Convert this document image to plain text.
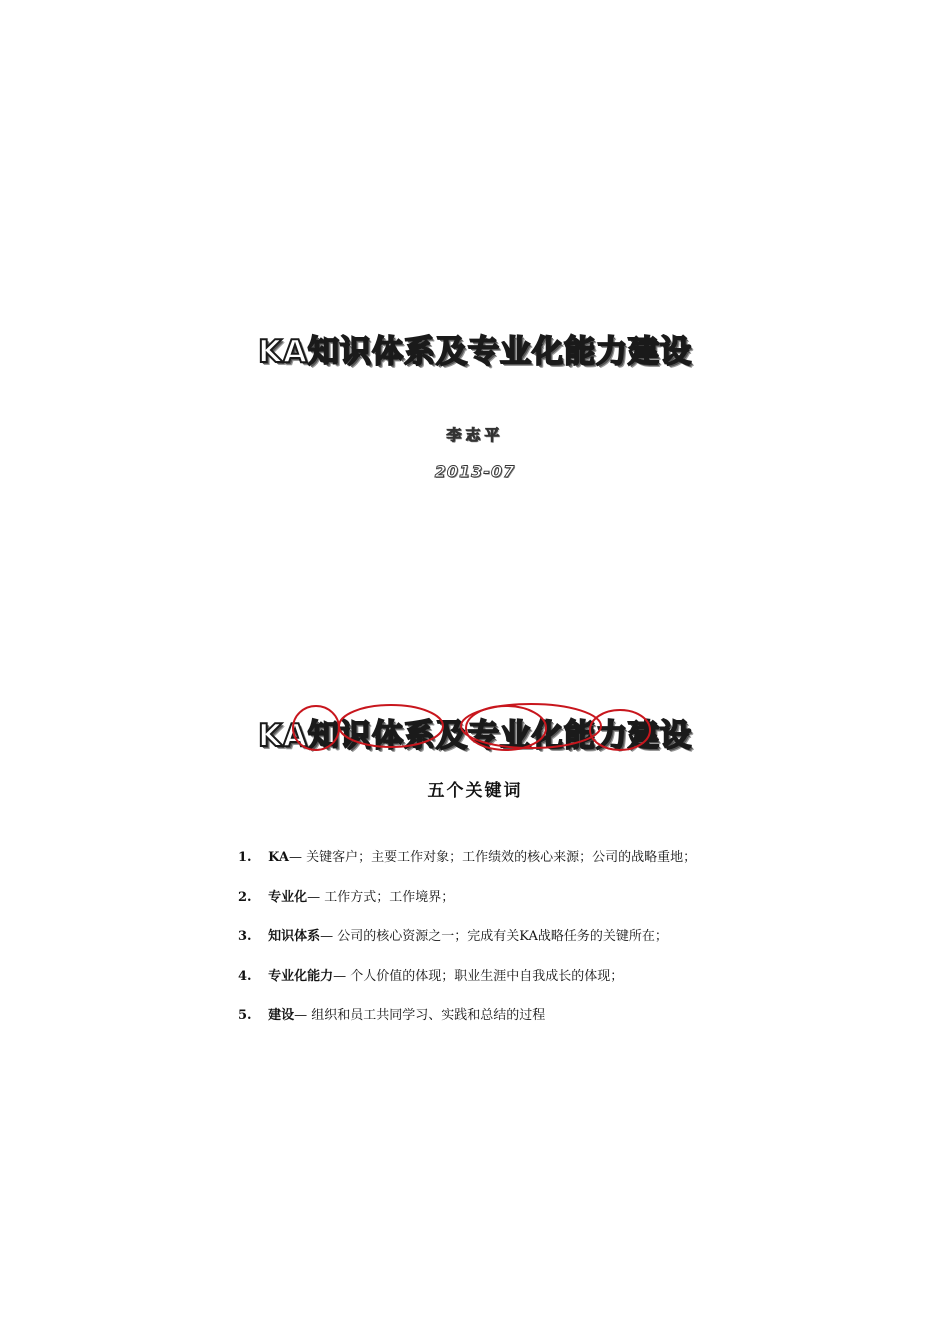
KA知识体系及专业化能力建设
李志平
2013-07
KA知识体系及专业化能力建设
五个关键词
1. KA— 关键客户；主要工作对象；工作绩效的核心来源；公司的战略重地；
2. 专业化— 工作方式；工作境界；
3. 知识体系— 公司的核心资源之一；完成有关KA战略任务的关键所在；
4. 专业化能力— 个人价值的体现；职业生涯中自我成长的体现；
5. 建设— 组织和员工共同学习、实践和总结的过程
